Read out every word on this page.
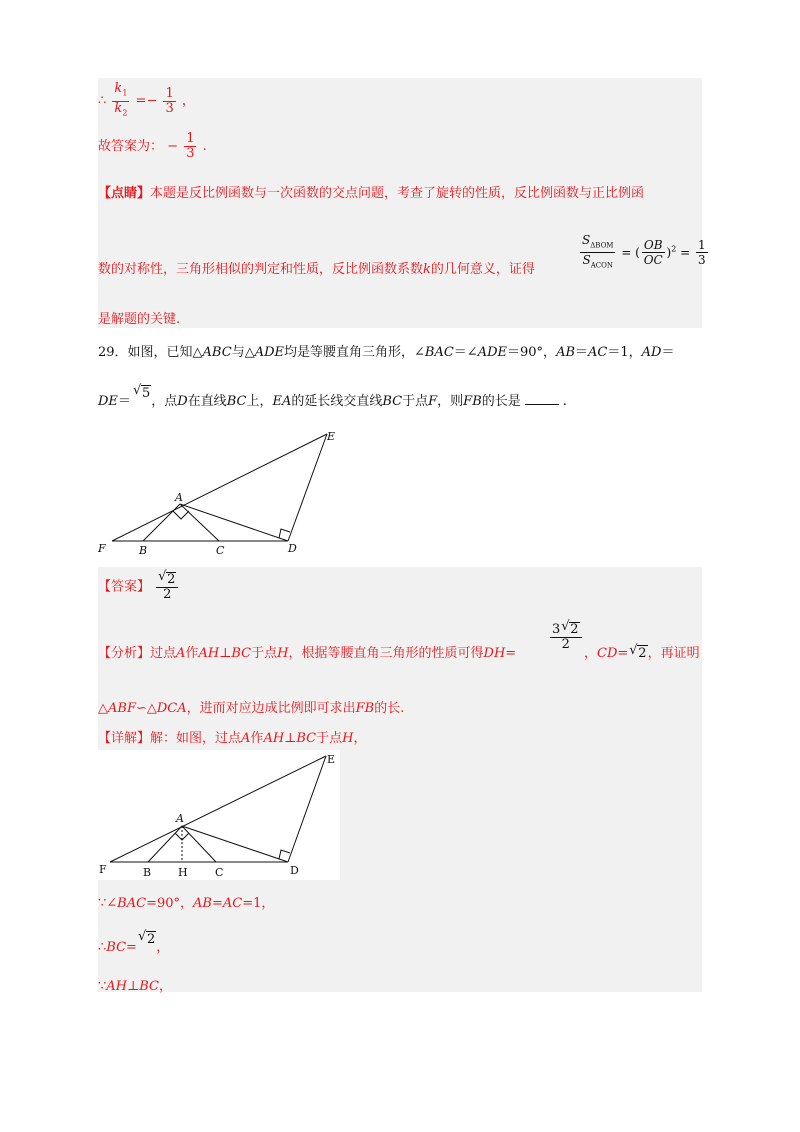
∴ $\frac{k_1}{k_2} =- \frac{1}{3}$ ，
故答案为： − $\frac{1}{3}$ .
【点睛】本题是反比例函数与一次函数的交点问题，考查了旋转的性质，反比例函数与正比例函
数的对称性，三角形相似的判定和性质，反比例函数系数k的几何意义，证得	$\frac{S_{\Delta BOM}}{S_{ACON}}$ = ( $\frac{OB}{OC} )^2 = \frac{1}{3}$
是解题的关键.
29．如图，已知△ABC与△ADE均是等腰直角三角形，∠BAC＝∠ADE＝90°，AB＝AC＝1，AD＝
DE＝√ 5，点D在直线BC上，EA的延长线交直线BC于点F，则FB的长是	.
E
A
F	B	C	D
【答案】 √ $\frac{2}{2}$
【分析】过点A作AH⊥BC于点H，根据等腰直角三角形的性质可得DH=
$\frac{3 √ 2}{2}$
，CD= √ 2，再证明
△ABF∽△DCA，进而对应边成比例即可求出FB的长.
【详解】解：如图，过点A作AH⊥BC于点H，
E
A
F	B H C	D
∵∠BAC=90°，AB=AC=1，
∴BC=√ 2，
∵AH⊥BC，
